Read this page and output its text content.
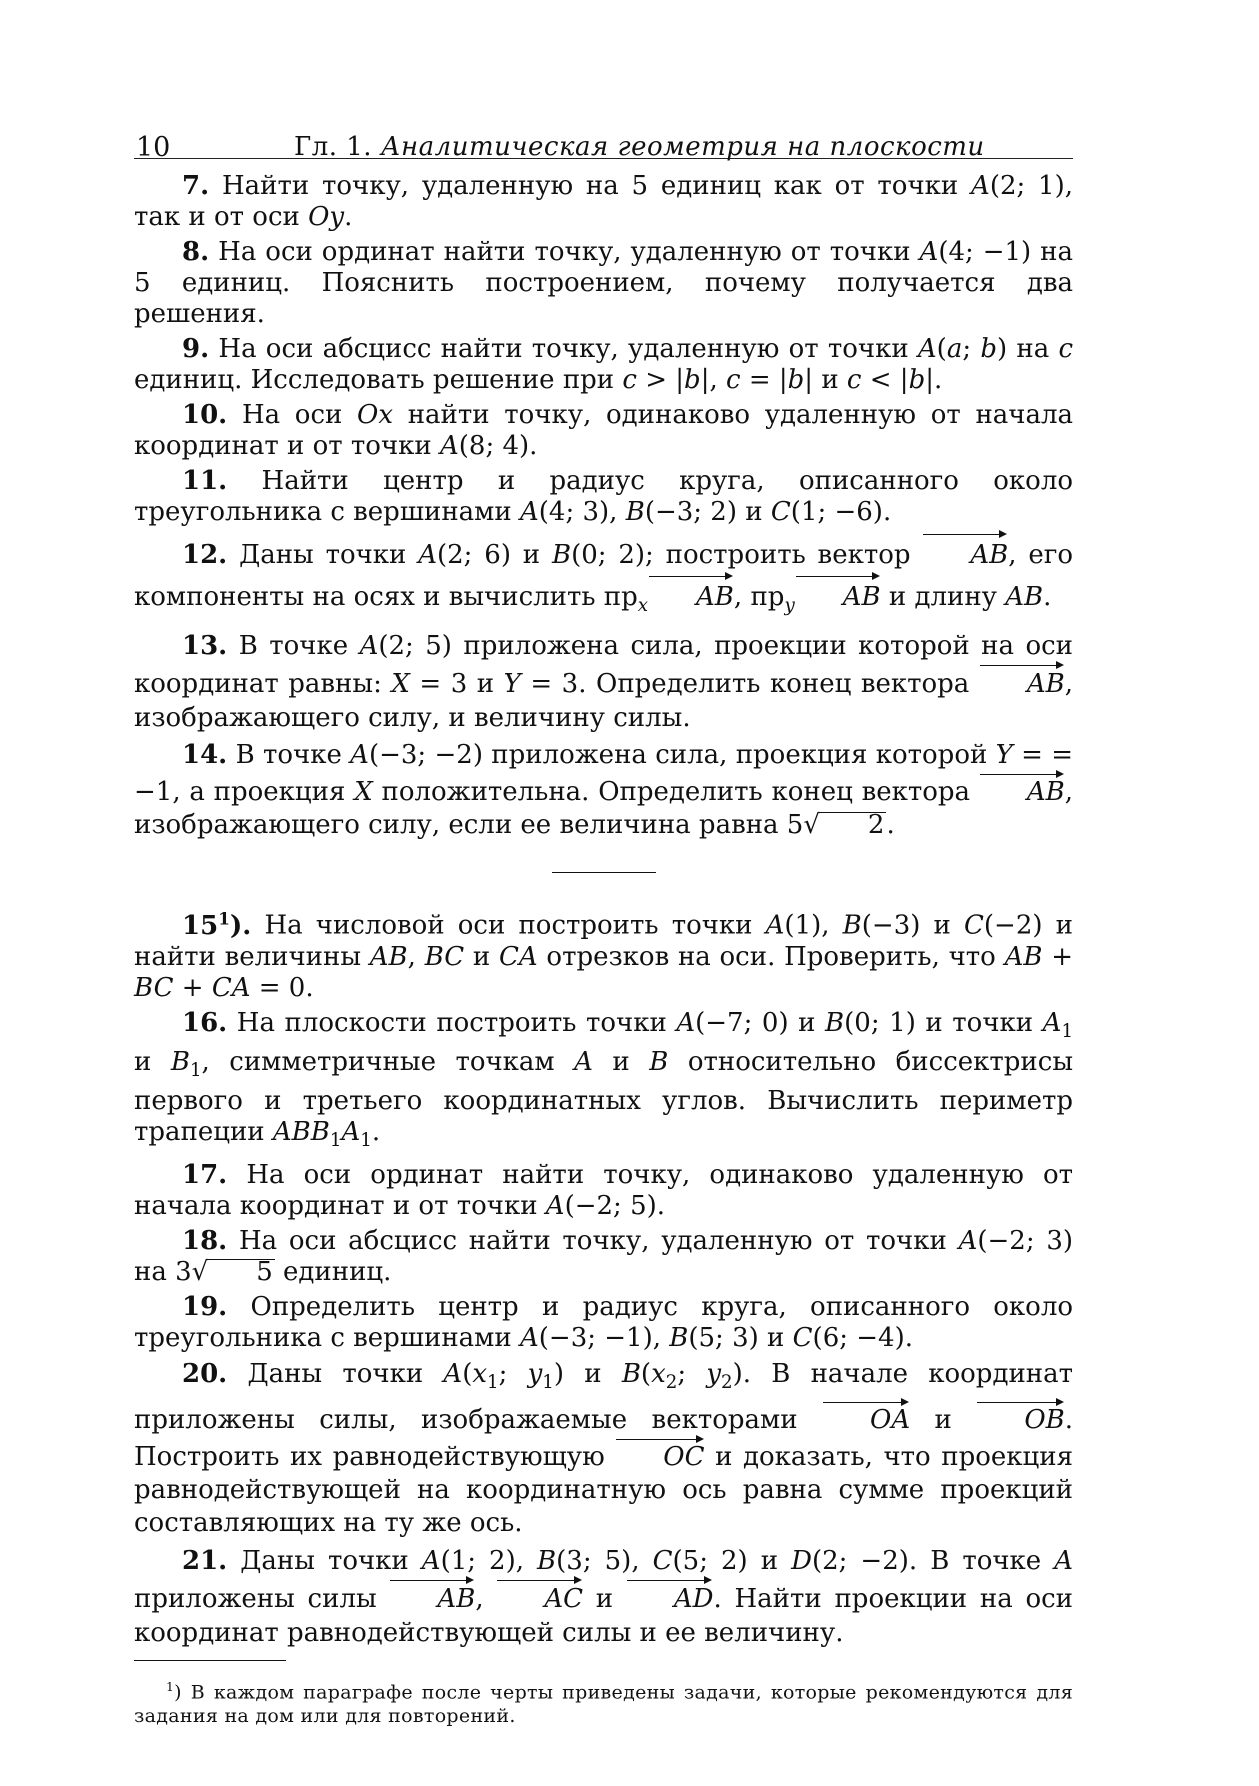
10	Гл. 1. Аналитическая геометрия на плоскости

7. Найти точку, удаленную на 5 единиц как от точки A(2; 1), так и от оси Oy.

8. На оси ординат найти точку, удаленную от точки A(4; −1) на 5 единиц. Пояснить построением, почему получается два решения.

9. На оси абсцисс найти точку, удаленную от точки A(a; b) на c единиц. Исследовать решение при c > |b|, c = |b| и c < |b|.

10. На оси Ox найти точку, одинаково удаленную от начала координат и от точки A(8; 4).

11. Найти центр и радиус круга, описанного около треугольника с вершинами A(4; 3), B(−3; 2) и C(1; −6).

12. Даны точки A(2; 6) и B(0; 2); построить вектор AB, его компоненты на осях и вычислить $пр_x$ AB, $пр_y$ AB и длину AB.

13. В точке A(2; 5) приложена сила, проекции которой на оси координат равны: X = 3 и Y = 3. Определить конец вектора AB, изображающего силу, и величину силы.

14. В точке A(−3; −2) приложена сила, проекция которой Y = = −1, а проекция X положительна. Определить конец вектора AB, изображающего силу, если ее величина равна 5√ 2.

$15^1$). На числовой оси построить точки A(1), B(−3) и C(−2) и найти величины AB, BC и CA отрезков на оси. Проверить, что AB + BC + CA = 0.

16. На плоскости построить точки A(−7; 0) и B(0; 1) и точки $A_1$ и $B_1$, симметричные точкам A и B относительно биссектрисы первого и третьего координатных углов. Вычислить периметр трапеции $ABB_1A_1$.

17. На оси ординат найти точку, одинаково удаленную от начала координат и от точки A(−2; 5).

18. На оси абсцисс найти точку, удаленную от точки A(−2; 3) на 3√ 5 единиц.

19. Определить центр и радиус круга, описанного около треугольника с вершинами A(−3; −1), B(5; 3) и C(6; −4).

20. Даны точки $A(x_1$; $y_1$) и $B(x_2$; $y_2$). В начале координат приложены силы, изображаемые векторами OA и OB. Построить их равнодействующую OC и доказать, что проекция равнодействующей на координатную ось равна сумме проекций составляющих на ту же ось.

21. Даны точки A(1; 2), B(3; 5), C(5; 2) и D(2; −2). В точке A приложены силы AB, AC и AD. Найти проекции на оси координат равнодействующей силы и ее величину.

$^1$) В каждом параграфе после черты приведены задачи, которые рекомендуются для задания на дом или для повторений.
